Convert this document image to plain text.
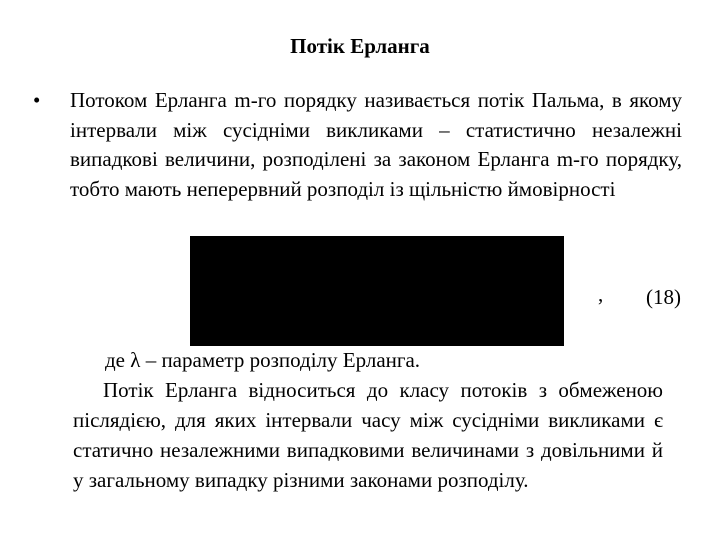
Потік Ерланга
• Потоком Ерланга m-го порядку називається потік Пальма, в якому інтервали між сусідніми викликами – статистично незалежні випадкові величини, розподілені за законом Ерланга m-го порядку, тобто мають неперервний розподіл із щільністю ймовірності
, (18)
де λ – параметр розподілу Ерланга.
Потік Ерланга відноситься до класу потоків з обмеженою післядією, для яких інтервали часу між сусідніми викликами є статично незалежними випадковими величинами з довільними й у загальному випадку різними законами розподілу.
